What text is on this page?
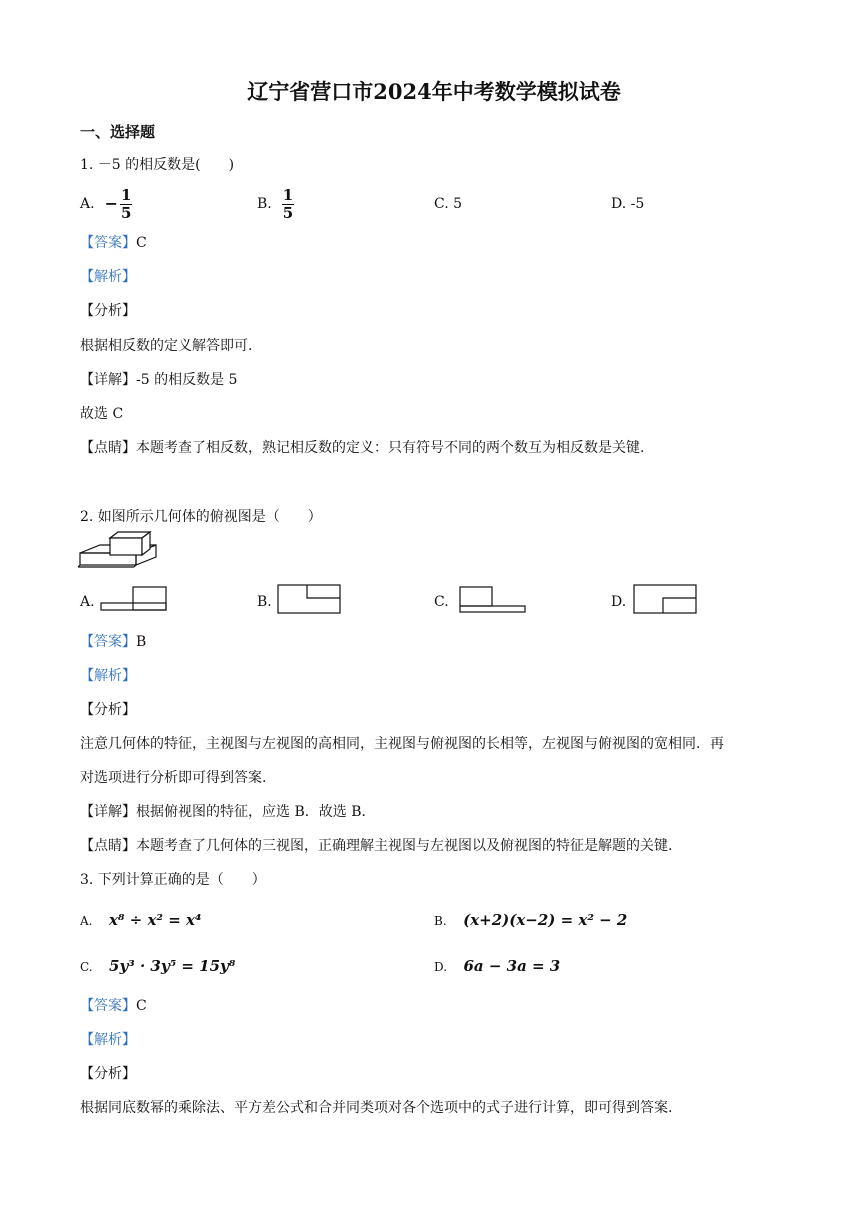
辽宁省营口市2024年中考数学模拟试卷
一、选择题
1. －5 的相反数是(　　)
A. − $\frac{1}{5}$	B. $\frac{1}{5}$	C. 5	D. -5
【答案】C
【解析】
【分析】
根据相反数的定义解答即可.
【详解】-5 的相反数是 5
故选 C
【点睛】本题考查了相反数，熟记相反数的定义：只有符号不同的两个数互为相反数是关键.
2. 如图所示几何体的俯视图是（　　）
A.	B.	C.	D.
【答案】B
【解析】
【分析】
注意几何体的特征，主视图与左视图的高相同，主视图与俯视图的长相等，左视图与俯视图的宽相同．再
对选项进行分析即可得到答案.
【详解】根据俯视图的特征，应选 B．故选 B．
【点睛】本题考查了几何体的三视图，正确理解主视图与左视图以及俯视图的特征是解题的关键.
3. 下列计算正确的是（　　）
A. x⁸ ÷ x² = x⁴	B. (x+2)(x−2) = x² − 2
C. 5y³ · 3y⁵ = 15y⁸	D. 6a − 3a = 3
【答案】C
【解析】
【分析】
根据同底数幂的乘除法、平方差公式和合并同类项对各个选项中的式子进行计算，即可得到答案.
